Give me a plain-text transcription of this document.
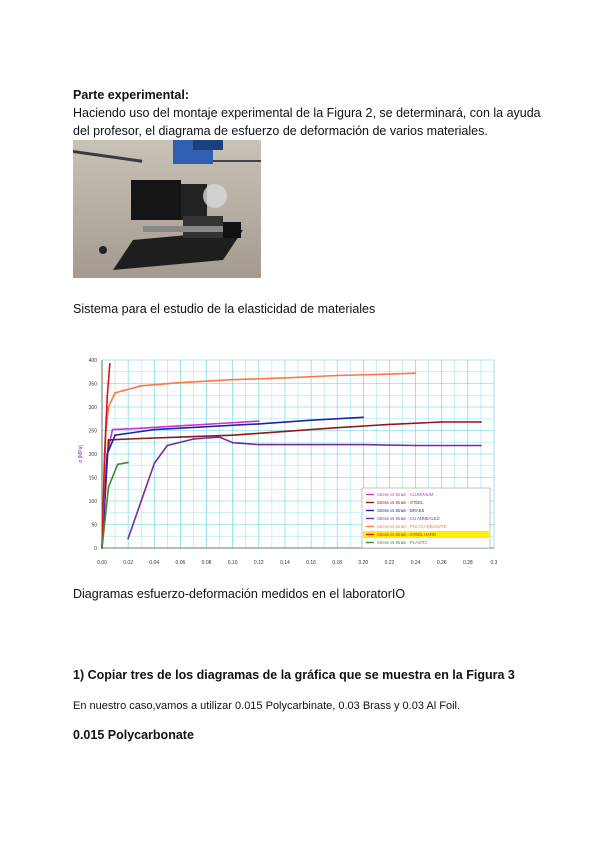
Parte experimental:
Haciendo uso del montaje experimental de la Figura 2, se determinará, con la ayuda del profesor, el diagrama de esfuerzo de deformación de varios materiales.
Sistema para el estudio de la elasticidad de materiales
400
350
300
250
200
150
100
50
0
0.00	0.02	0.04	0.06	0.08	0.10	0.12	0.14	0.16	0.18	0.20	0.22	0.24	0.26	0.28	0.3
σ [MPa]
Stress vs Strain - ALUMINIUM
Stress vs Strain - STEEL
Stress vs Strain - BRASS
Stress vs Strain - CU ANNEALED
Stress vs Strain - POLYCARBONATE
Stress vs Strain - STEEL HARD
Stress vs Strain - PLASTIC
Diagramas esfuerzo-deformación medidos en el laboratorIO
1) Copiar tres de los diagramas de la gráfica que se muestra en la Figura 3
En nuestro caso,vamos a utilizar 0.015 Polycarbinate, 0.03 Brass y 0.03 Al Foil.
0.015 Polycarbonate
